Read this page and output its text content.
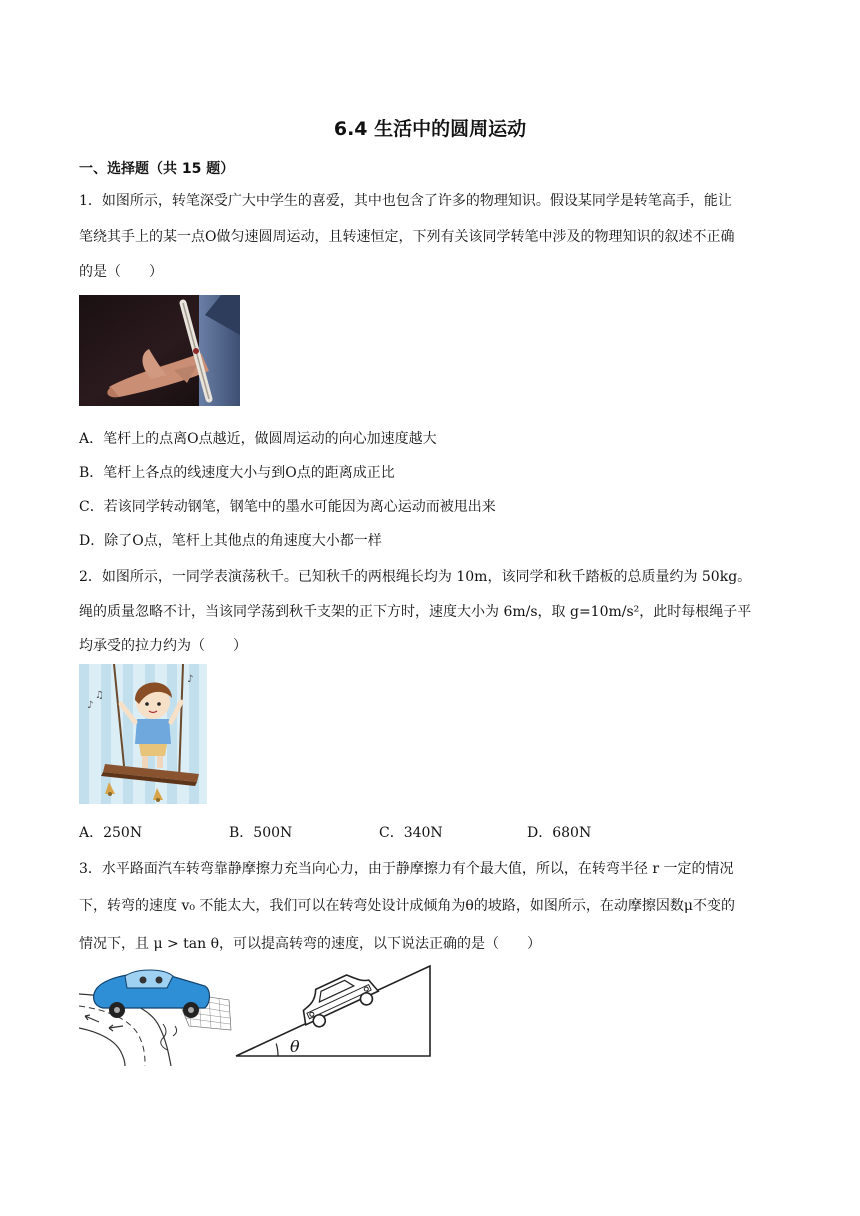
6.4 生活中的圆周运动
一、选择题（共 15 题）
1．如图所示，转笔深受广大中学生的喜爱，其中也包含了许多的物理知识。假设某同学是转笔高手，能让
笔绕其手上的某一点O做匀速圆周运动，且转速恒定，下列有关该同学转笔中涉及的物理知识的叙述不正确
的是（　　）
A．笔杆上的点离O点越近，做圆周运动的向心加速度越大
B．笔杆上各点的线速度大小与到O点的距离成正比
C．若该同学转动钢笔，钢笔中的墨水可能因为离心运动而被甩出来
D．除了O点，笔杆上其他点的角速度大小都一样
2．如图所示，一同学表演荡秋千。已知秋千的两根绳长均为 10m，该同学和秋千踏板的总质量约为 50kg。
绳的质量忽略不计，当该同学荡到秋千支架的正下方时，速度大小为 6m/s，取 g=10m/s²，此时每根绳子平
均承受的拉力约为（　　）
♪
♫
♪
A．250N	B．500N	C．340N	D．680N
3．水平路面汽车转弯靠静摩擦力充当向心力，由于静摩擦力有个最大值，所以，在转弯半径 r 一定的情况
下，转弯的速度 v₀ 不能太大，我们可以在转弯处设计成倾角为θ的坡路，如图所示，在动摩擦因数μ不变的
情况下，且 μ > tan θ，可以提高转弯的速度，以下说法正确的是（　　）
θ
